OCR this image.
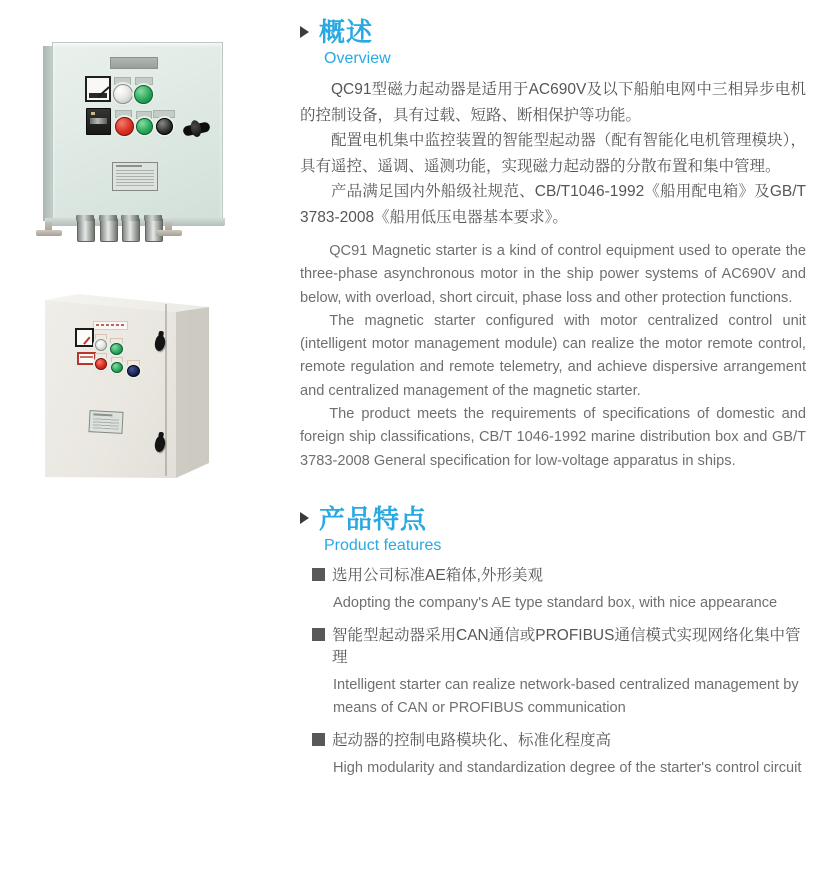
概述
Overview

QC91型磁力起动器是适用于AC690V及以下船舶电网中三相异步电机的控制设备，具有过载、短路、断相保护等功能。

配置电机集中监控装置的智能型起动器（配有智能化电机管理模块），具有遥控、遥调、遥测功能，实现磁力起动器的分散布置和集中管理。

产品满足国内外船级社规范、CB/T1046-1992《船用配电箱》及GB/T 3783-2008《船用低压电器基本要求》。

QC91 Magnetic starter is a kind of control equipment used to operate the three-phase asynchronous motor in the ship power systems of AC690V and below, with overload, short circuit, phase loss and other protection functions.

The magnetic starter configured with motor centralized control unit (intelligent motor management module) can realize the motor remote control, remote regulation and remote telemetry, and achieve dispersive arrangement and centralized management of the magnetic starter.

The product meets the requirements of specifications of domestic and foreign ship classifications, CB/T 1046-1992 marine distribution box and GB/T 3783-2008 General specification for low-voltage apparatus in ships.

产品特点
Product features
选用公司标准AE箱体,外形美观
Adopting the company's AE type standard box, with nice appearance
智能型起动器采用CAN通信或PROFIBUS通信模式实现网络化集中管理
Intelligent starter can realize network-based centralized management by means of CAN or PROFIBUS communication
起动器的控制电路模块化、标准化程度高
High modularity and standardization degree of the starter's control circuit
